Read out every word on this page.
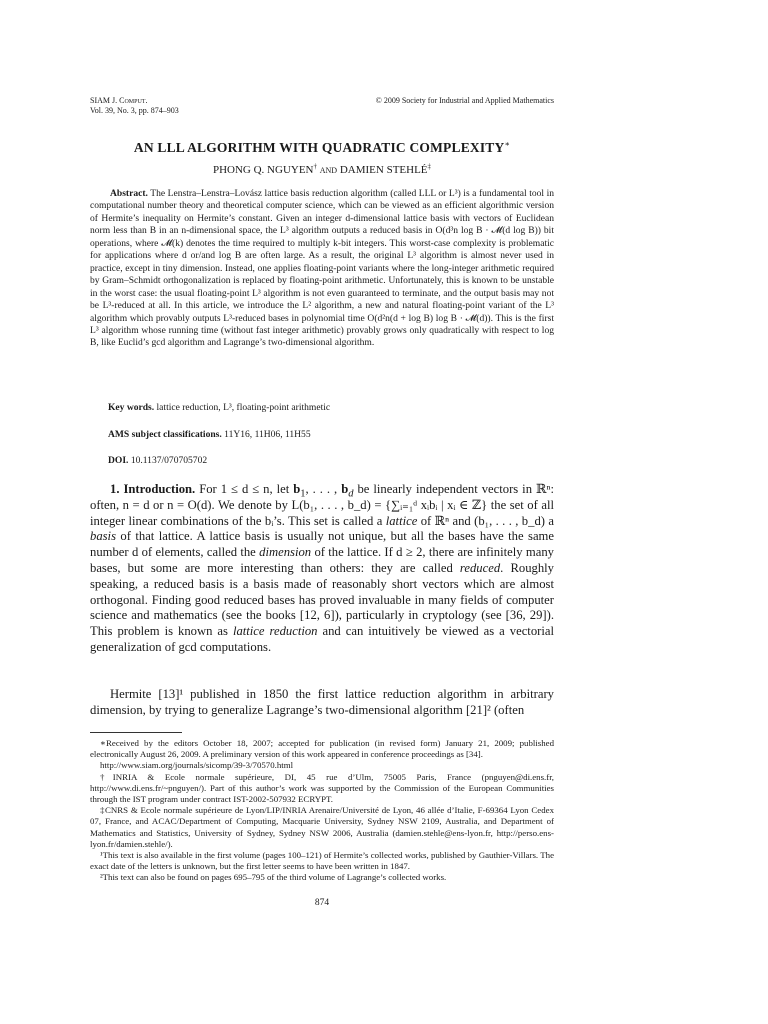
SIAM J. Comput.
Vol. 39, No. 3, pp. 874–903
© 2009 Society for Industrial and Applied Mathematics
AN LLL ALGORITHM WITH QUADRATIC COMPLEXITY∗
PHONG Q. NGUYEN† and DAMIEN STEHLÉ‡

Abstract. The Lenstra–Lenstra–Lovász lattice basis reduction algorithm (called LLL or L³) is a fundamental tool in computational number theory and theoretical computer science, which can be viewed as an efficient algorithmic version of Hermite’s inequality on Hermite’s constant. Given an integer d-dimensional lattice basis with vectors of Euclidean norm less than B in an n-dimensional space, the L³ algorithm outputs a reduced basis in O(d³n log B · 𝓜(d log B)) bit operations, where 𝓜(k) denotes the time required to multiply k-bit integers. This worst-case complexity is problematic for applications where d or/and log B are often large. As a result, the original L³ algorithm is almost never used in practice, except in tiny dimension. Instead, one applies floating-point variants where the long-integer arithmetic required by Gram–Schmidt orthogonalization is replaced by floating-point arithmetic. Unfortunately, this is known to be unstable in the worst case: the usual floating-point L³ algorithm is not even guaranteed to terminate, and the output basis may not be L³-reduced at all. In this article, we introduce the L² algorithm, a new and natural floating-point variant of the L³ algorithm which provably outputs L³-reduced bases in polynomial time O(d²n(d + log B) log B · 𝓜(d)). This is the first L³ algorithm whose running time (without fast integer arithmetic) provably grows only quadratically with respect to log B, like Euclid’s gcd algorithm and Lagrange’s two-dimensional algorithm.

Key words. lattice reduction, L³, floating-point arithmetic
AMS subject classifications. 11Y16, 11H06, 11H55
DOI. 10.1137/070705702

1. Introduction. For 1 ≤ d ≤ n, let $b_1$, . . . , $b_d$ be linearly independent vectors in ℝⁿ: often, n = d or n = O(d). We denote by L(b₁, . . . , b_d) = {∑ᵢ₌₁ᵈ xᵢbᵢ | xᵢ ∈ ℤ} the set of all integer linear combinations of the bᵢ’s. This set is called a lattice of ℝⁿ and (b₁, . . . , b_d) a basis of that lattice. A lattice basis is usually not unique, but all the bases have the same number d of elements, called the dimension of the lattice. If d ≥ 2, there are infinitely many bases, but some are more interesting than others: they are called reduced. Roughly speaking, a reduced basis is a basis made of reasonably short vectors which are almost orthogonal. Finding good reduced bases has proved invaluable in many fields of computer science and mathematics (see the books [12, 6]), particularly in cryptology (see [36, 29]). This problem is known as lattice reduction and can intuitively be viewed as a vectorial generalization of gcd computations.

Hermite [13]¹ published in 1850 the first lattice reduction algorithm in arbitrary dimension, by trying to generalize Lagrange’s two-dimensional algorithm [21]² (often

∗Received by the editors October 18, 2007; accepted for publication (in revised form) January 21, 2009; published electronically August 26, 2009. A preliminary version of this work appeared in conference proceedings as [34].

http://www.siam.org/journals/sicomp/39-3/70570.html

†INRIA & Ecole normale supérieure, DI, 45 rue d’Ulm, 75005 Paris, France (pnguyen@di.ens.fr, http://www.di.ens.fr/~pnguyen/). Part of this author’s work was supported by the Commission of the European Communities through the IST program under contract IST-2002-507932 ECRYPT.

‡CNRS & Ecole normale supérieure de Lyon/LIP/INRIA Arenaire/Université de Lyon, 46 allée d’Italie, F-69364 Lyon Cedex 07, France, and ACAC/Department of Computing, Macquarie University, Sydney NSW 2109, Australia, and Department of Mathematics and Statistics, University of Sydney, Sydney NSW 2006, Australia (damien.stehle@ens-lyon.fr, http://perso.ens-lyon.fr/damien.stehle/).

¹This text is also available in the first volume (pages 100–121) of Hermite’s collected works, published by Gauthier-Villars. The exact date of the letters is unknown, but the first letter seems to have been written in 1847.

²This text can also be found on pages 695–795 of the third volume of Lagrange’s collected works.

874
